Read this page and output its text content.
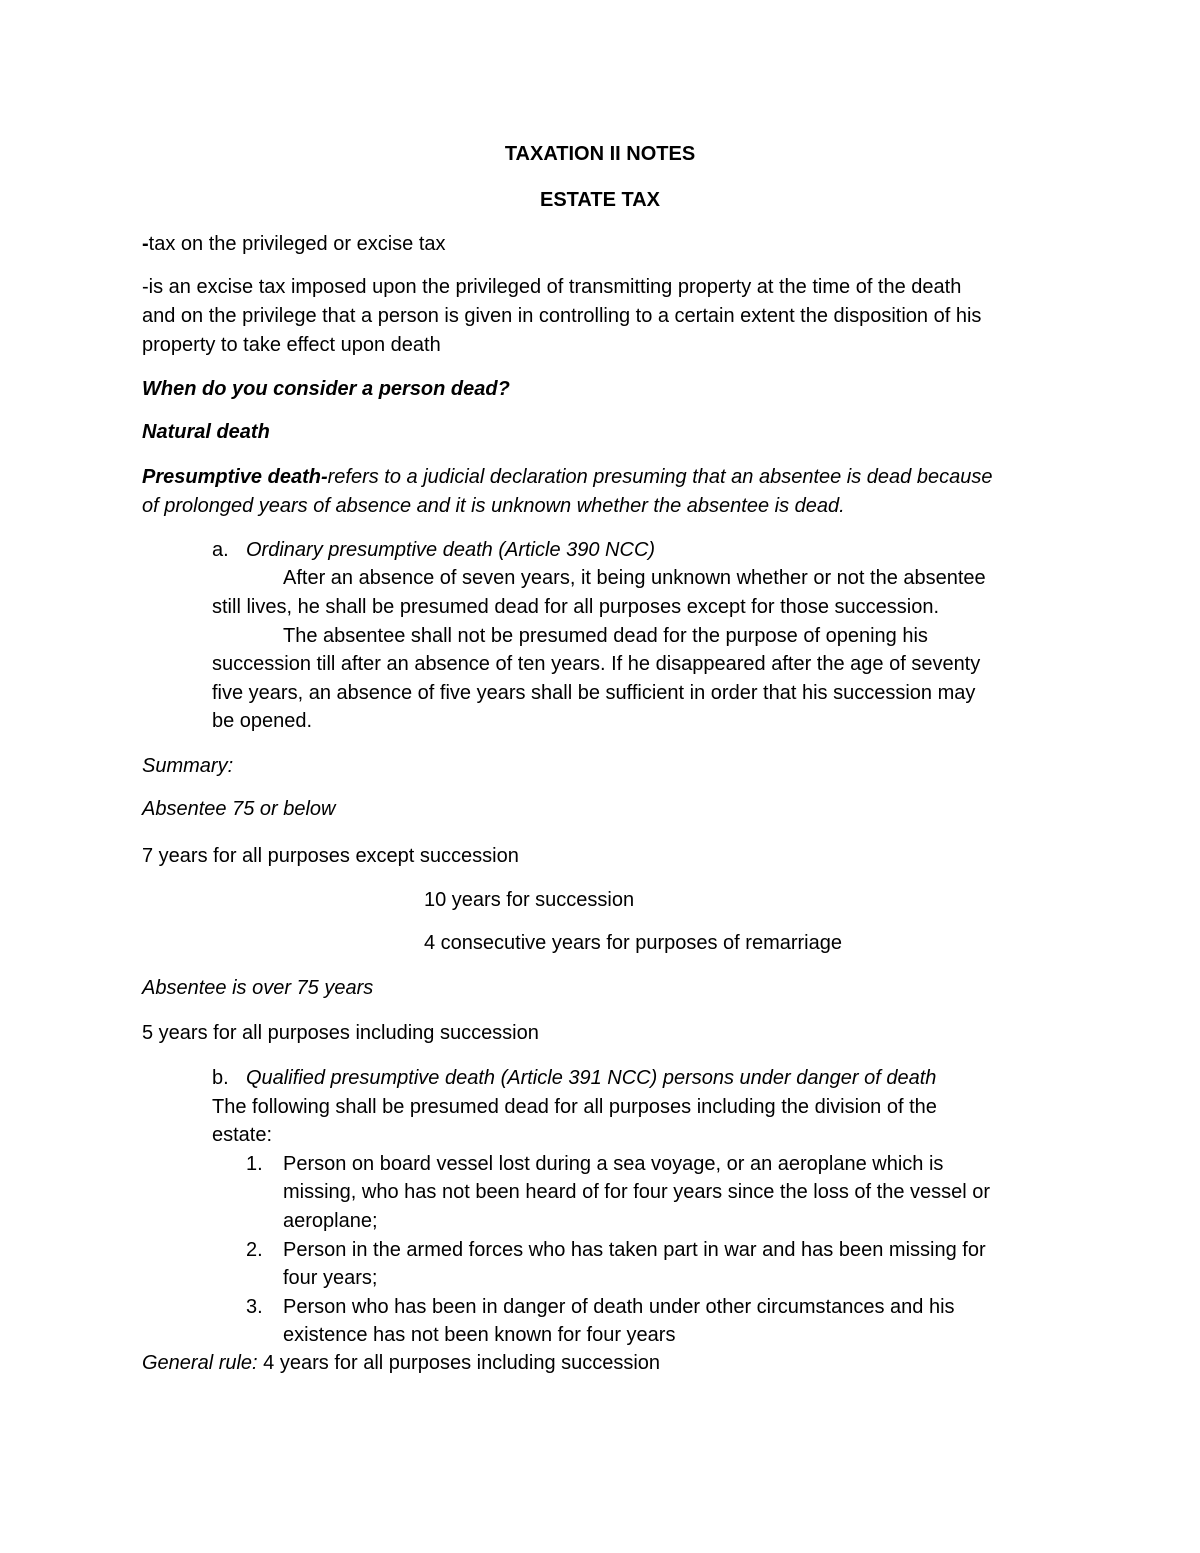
TAXATION II NOTES
ESTATE TAX
-tax on the privileged or excise tax
-is an excise tax imposed upon the privileged of transmitting property at the time of the death
and on the privilege that a person is given in controlling to a certain extent the disposition of his
property to take effect upon death
When do you consider a person dead?
Natural death
Presumptive death-refers to a judicial declaration presuming that an absentee is dead because
of prolonged years of absence and it is unknown whether the absentee is dead.
a. Ordinary presumptive death (Article 390 NCC)
After an absence of seven years, it being unknown whether or not the absentee
still lives, he shall be presumed dead for all purposes except for those succession.
The absentee shall not be presumed dead for the purpose of opening his
succession till after an absence of ten years. If he disappeared after the age of seventy
five years, an absence of five years shall be sufficient in order that his succession may
be opened.
Summary:
Absentee 75 or below
7 years for all purposes except succession
10 years for succession
4 consecutive years for purposes of remarriage
Absentee is over 75 years
5 years for all purposes including succession
b. Qualified presumptive death (Article 391 NCC) persons under danger of death
The following shall be presumed dead for all purposes including the division of the
estate:
1. Person on board vessel lost during a sea voyage, or an aeroplane which is
missing, who has not been heard of for four years since the loss of the vessel or
aeroplane;
2. Person in the armed forces who has taken part in war and has been missing for
four years;
3. Person who has been in danger of death under other circumstances and his
existence has not been known for four years
General rule: 4 years for all purposes including succession
